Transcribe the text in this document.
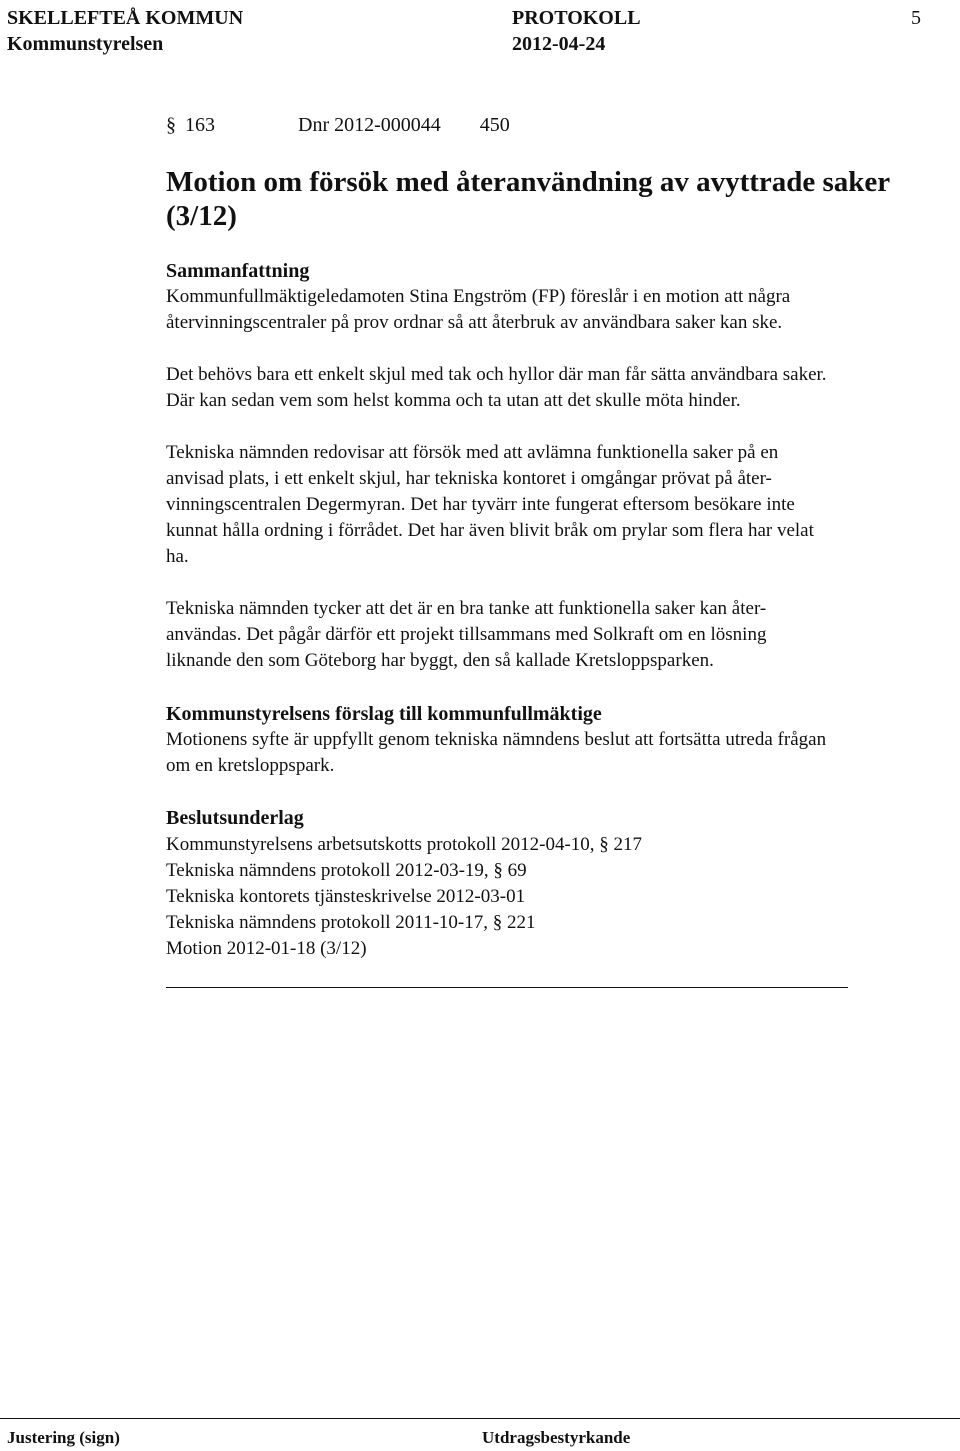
SKELLEFTEÅ KOMMUN
Kommunstyrelsen
PROTOKOLL
2012-04-24
5
§ 163	Dnr 2012-000044 450
Motion om försök med återanvändning av avyttrade saker
(3/12)
Sammanfattning
Kommunfullmäktigeledamoten Stina Engström (FP) föreslår i en motion att några
återvinningscentraler på prov ordnar så att återbruk av användbara saker kan ske.
Det behövs bara ett enkelt skjul med tak och hyllor där man får sätta användbara saker.
Där kan sedan vem som helst komma och ta utan att det skulle möta hinder.
Tekniska nämnden redovisar att försök med att avlämna funktionella saker på en
anvisad plats, i ett enkelt skjul, har tekniska kontoret i omgångar prövat på åter-
vinningscentralen Degermyran. Det har tyvärr inte fungerat eftersom besökare inte
kunnat hålla ordning i förrådet. Det har även blivit bråk om prylar som flera har velat
ha.
Tekniska nämnden tycker att det är en bra tanke att funktionella saker kan åter-
användas. Det pågår därför ett projekt tillsammans med Solkraft om en lösning
liknande den som Göteborg har byggt, den så kallade Kretsloppsparken.
Kommunstyrelsens förslag till kommunfullmäktige
Motionens syfte är uppfyllt genom tekniska nämndens beslut att fortsätta utreda frågan
om en kretsloppspark.
Beslutsunderlag
Kommunstyrelsens arbetsutskotts protokoll 2012-04-10, § 217
Tekniska nämndens protokoll 2012-03-19, § 69
Tekniska kontorets tjänsteskrivelse 2012-03-01
Tekniska nämndens protokoll 2011-10-17, § 221
Motion 2012-01-18 (3/12)
Justering (sign)	Utdragsbestyrkande
